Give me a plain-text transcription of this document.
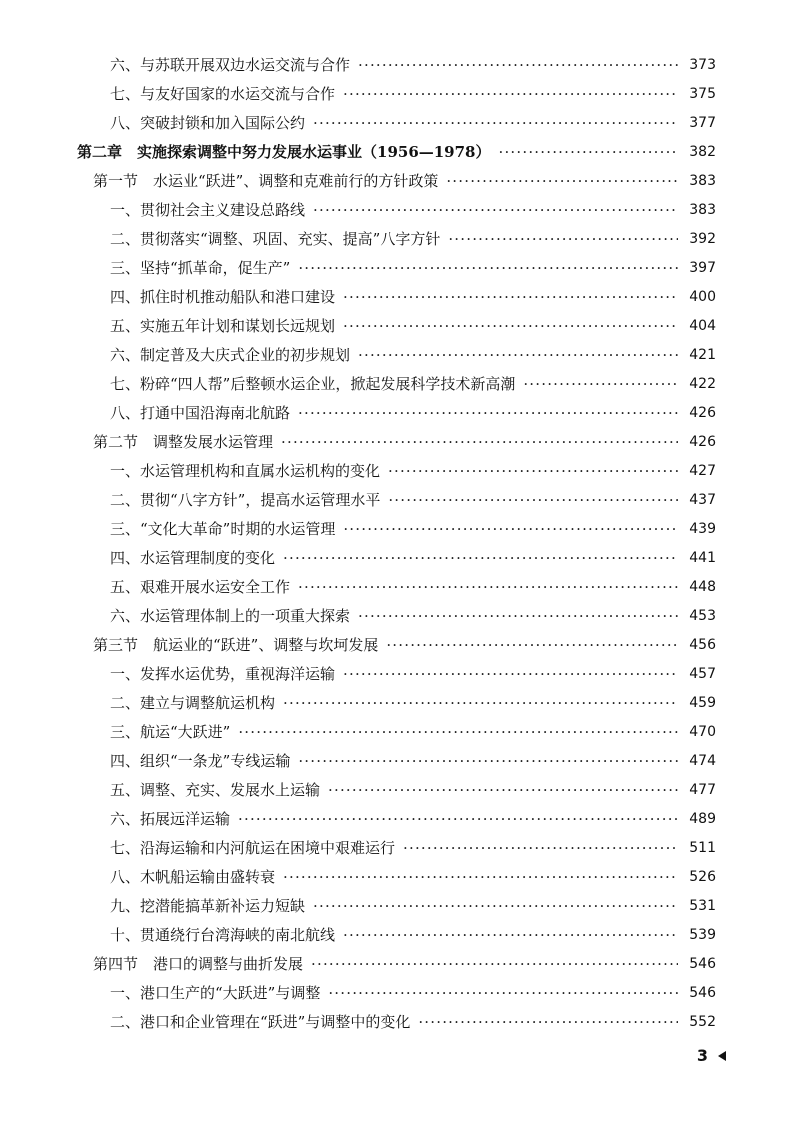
六、与苏联开展双边水运交流与合作 ·····	373
七、与友好国家的水运交流与合作 ·····	375
八、突破封锁和加入国际公约 ·····	377
第二章　实施探索调整中努力发展水运事业（1956—1978） ·····	382
第一节　水运业“跃进”、调整和克难前行的方针政策 ·····	383
一、贯彻社会主义建设总路线 ·····	383
二、贯彻落实“调整、巩固、充实、提高”八字方针 ·····	392
三、坚持“抓革命，促生产” ·····	397
四、抓住时机推动船队和港口建设 ·····	400
五、实施五年计划和谋划长远规划 ·····	404
六、制定普及大庆式企业的初步规划 ·····	421
七、粉碎“四人帮”后整顿水运企业，掀起发展科学技术新高潮 ·····	422
八、打通中国沿海南北航路 ·····	426
第二节　调整发展水运管理 ·····	426
一、水运管理机构和直属水运机构的变化 ·····	427
二、贯彻“八字方针”，提高水运管理水平 ·····	437
三、“文化大革命”时期的水运管理 ·····	439
四、水运管理制度的变化 ·····	441
五、艰难开展水运安全工作 ·····	448
六、水运管理体制上的一项重大探索 ·····	453
第三节　航运业的“跃进”、调整与坎坷发展 ·····	456
一、发挥水运优势，重视海洋运输 ·····	457
二、建立与调整航运机构 ·····	459
三、航运“大跃进” ·····	470
四、组织“一条龙”专线运输 ·····	474
五、调整、充实、发展水上运输 ·····	477
六、拓展远洋运输 ·····	489
七、沿海运输和内河航运在困境中艰难运行 ·····	511
八、木帆船运输由盛转衰 ·····	526
九、挖潜能搞革新补运力短缺 ·····	531
十、贯通绕行台湾海峡的南北航线 ·····	539
第四节　港口的调整与曲折发展 ·····	546
一、港口生产的“大跃进”与调整 ·····	546
二、港口和企业管理在“跃进”与调整中的变化 ·····	552
3
